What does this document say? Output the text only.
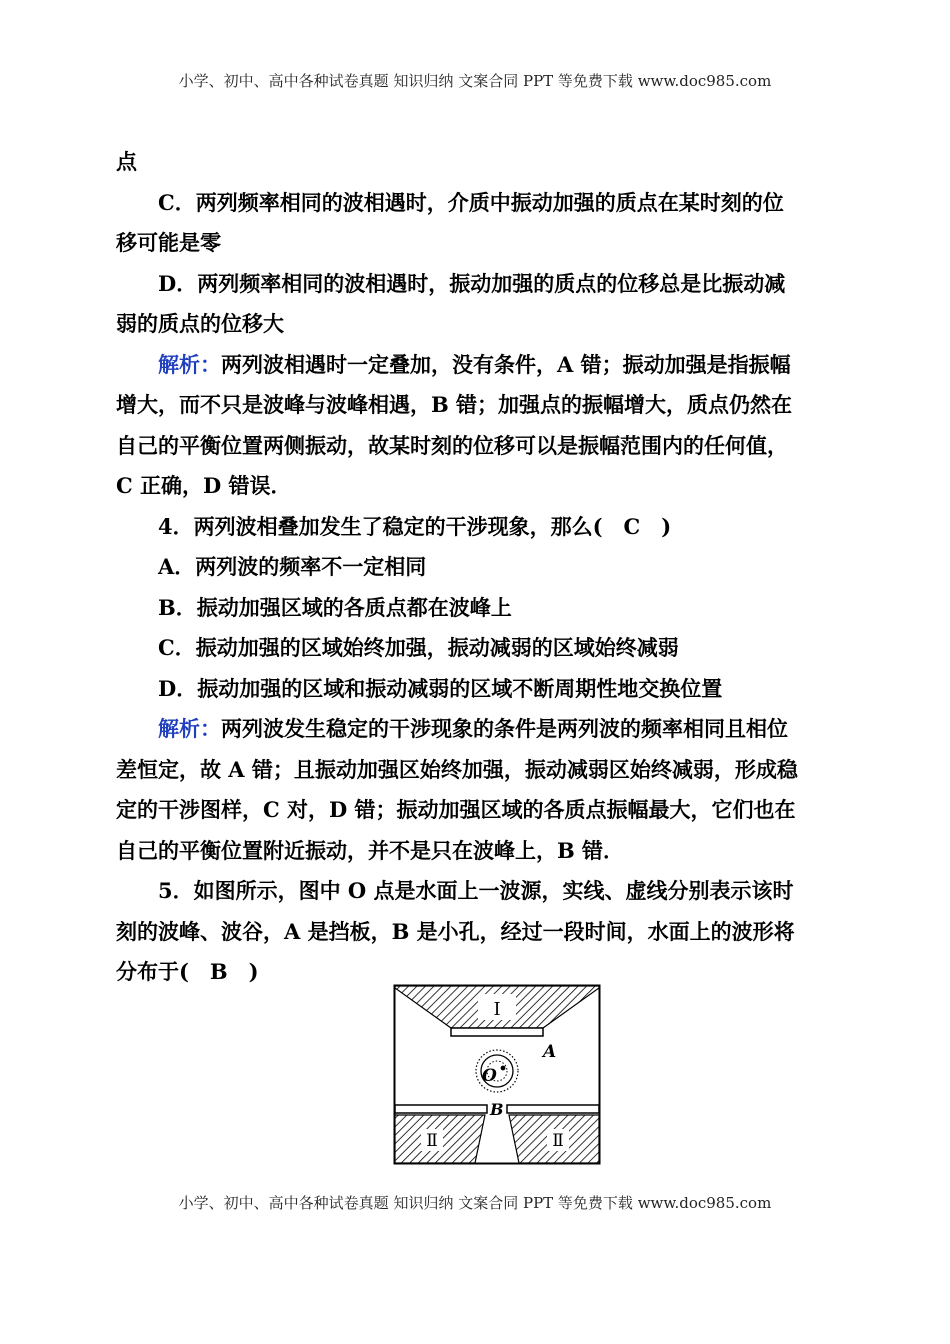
小学、初中、高中各种试卷真题 知识归纳 文案合同 PPT 等免费下载 www.doc985.com
点
C．两列频率相同的波相遇时，介质中振动加强的质点在某时刻的位
移可能是零
D．两列频率相同的波相遇时，振动加强的质点的位移总是比振动减
弱的质点的位移大
解析：两列波相遇时一定叠加，没有条件，A 错；振动加强是指振幅
增大，而不只是波峰与波峰相遇，B 错；加强点的振幅增大，质点仍然在
自己的平衡位置两侧振动，故某时刻的位移可以是振幅范围内的任何值，
C 正确，D 错误．
4．两列波相叠加发生了稳定的干涉现象，那么(　C　)
A．两列波的频率不一定相同
B．振动加强区域的各质点都在波峰上
C．振动加强的区域始终加强，振动减弱的区域始终减弱
D．振动加强的区域和振动减弱的区域不断周期性地交换位置
解析：两列波发生稳定的干涉现象的条件是两列波的频率相同且相位
差恒定，故 A 错；且振动加强区始终加强，振动减弱区始终减弱，形成稳
定的干涉图样，C 对，D 错；振动加强区域的各质点振幅最大，它们也在
自己的平衡位置附近振动，并不是只在波峰上，B 错．
5．如图所示，图中 O 点是水面上一波源，实线、虚线分别表示该时
刻的波峰、波谷，A 是挡板，B 是小孔，经过一段时间，水面上的波形将
分布于(　B　)
Ⅰ
A
O
B
Ⅱ	Ⅱ
小学、初中、高中各种试卷真题 知识归纳 文案合同 PPT 等免费下载 www.doc985.com
